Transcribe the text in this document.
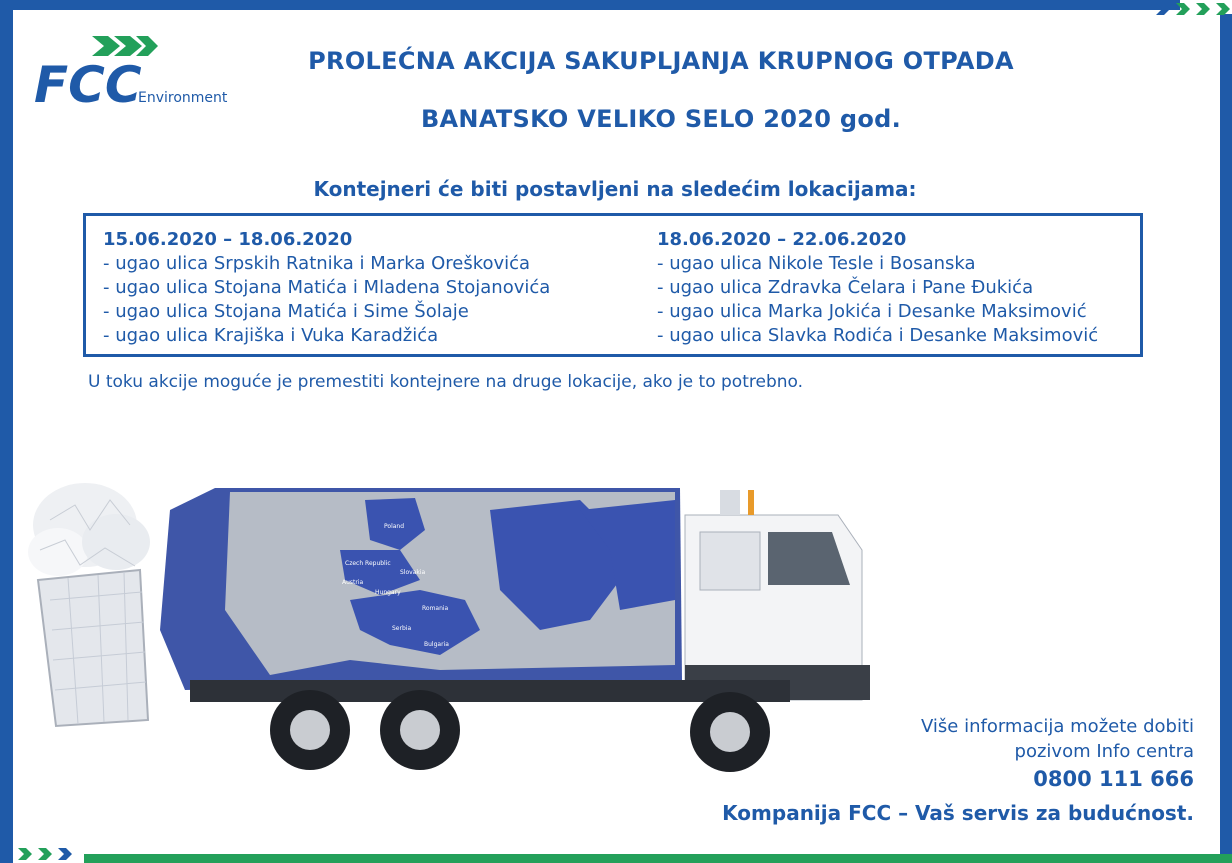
FCC
Environment
PROLEĆNA AKCIJA SAKUPLJANJA KRUPNOG OTPADA
BANATSKO VELIKO SELO 2020 god.
Kontejneri će biti postavljeni na sledećim lokacijama:
15.06.2020 – 18.06.2020
- ugao ulica Srpskih Ratnika i Marka Oreškovića
- ugao ulica Stojana Matića i Mladena Stojanovića
- ugao ulica Stojana Matića i Sime Šolaje
- ugao ulica Krajiška i Vuka Karadžića
18.06.2020 – 22.06.2020
- ugao ulica Nikole Tesle i Bosanska
- ugao ulica Zdravka Čelara i Pane Đukića
- ugao ulica Marka Jokića i Desanke Maksimović
- ugao ulica Slavka Rodića i Desanke Maksimović
U toku akcije moguće je premestiti kontejnere na druge lokacije, ako je to potrebno.
Poland
Czech Republic
Slovakia
Austria
Hungary
Romania
Serbia
Bulgaria
Više informacija možete dobiti
pozivom Info centra
0800 111 666
Kompanija FCC – Vaš servis za budućnost.
